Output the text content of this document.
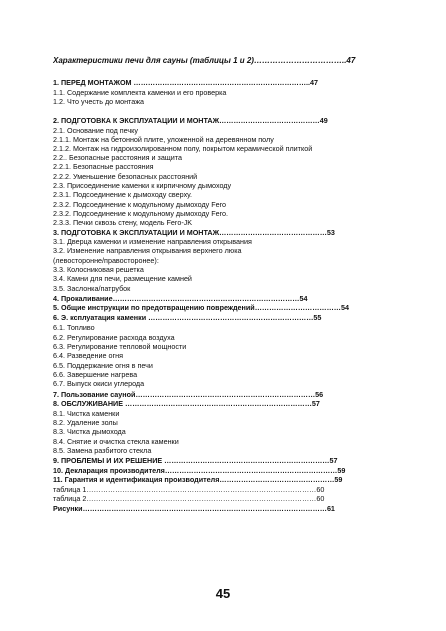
Характеристики печи для сауны (таблицы 1 и 2)……………………………..47
1. ПЕРЕД МОНТАЖОМ ………………………………………………………………..47
1.1. Содержание комплекта каменки и его проверка
1.2. Что учесть до монтажа
2. ПОДГОТОВКА К ЭКСПЛУАТАЦИИ И МОНТАЖ……………………………………49
2.1. Основание под печку
2.1.1. Монтаж на бетонной плите, уложенной на деревянном полу
2.1.2. Монтаж на гидроизолированном полу, покрытом керамической плиткой
2.2.. Безопасные расстояния и защита
2.2.1. Безопасные расстояния
2.2.2. Уменьшение безопасных расстояний
2.3. Присоединение каменки к кирпичному дымоходу
2.3.1. Подсоединение к дымоходу сверху.
2.3.2. Подсоединение к модульному дымоходу Fero
2.3.2. Подсоединение к модульному дымоходу Fero.
2.3.3. Печки сквозь стену, модель Fero-JK
3. ПОДГОТОВКА К ЭКСПЛУАТАЦИИ И МОНТАЖ………………………………………53
3.1. Дверца каменки и изменение направления открывания
3.2. Изменение направления открывания верхнего люка
(левосторонне/правосторонее):
3.3. Колосниковая решетка
3.4. Камни для печи, размещение камней
3.5. Заслонка/патрубок
4. Прокаливание……………………………………………………………………54
5. Общие инструкции по предотвращению повреждений………………………………54
6. Э. ксплуатация каменки ……………………………………………………………55
6.1. Топливо
6.2. Регулирование расхода воздуха
6.3. Регулирование тепловой мощности
6.4. Разведение огня
6.5. Поддержание огня в печи
6.6. Завершение нагрева
6.7. Выпуск окиси углерода
7. Пользование сауной…………………………………………………………………56
8. ОБСЛУЖИВАНИЕ ……………………………………………………………………57
8.1. Чистка каменки
8.2. Удаление золы
8.3. Чистка дымохода
8.4. Снятие и очистка стекла каменки
8.5. Замена разбитого стекла
9. ПРОБЛЕМЫ И ИХ РЕШЕНИЕ ……………………………………………………………57
10. Декларация производителя………………………………………………………………59
11. Гарантия и идентификация производителя…………………………………………59
таблица 1……………………………………………………………………………………60
таблица 2……………………………………………………………………………………60
Рисунки…………………………………………………………………………………………61
45
